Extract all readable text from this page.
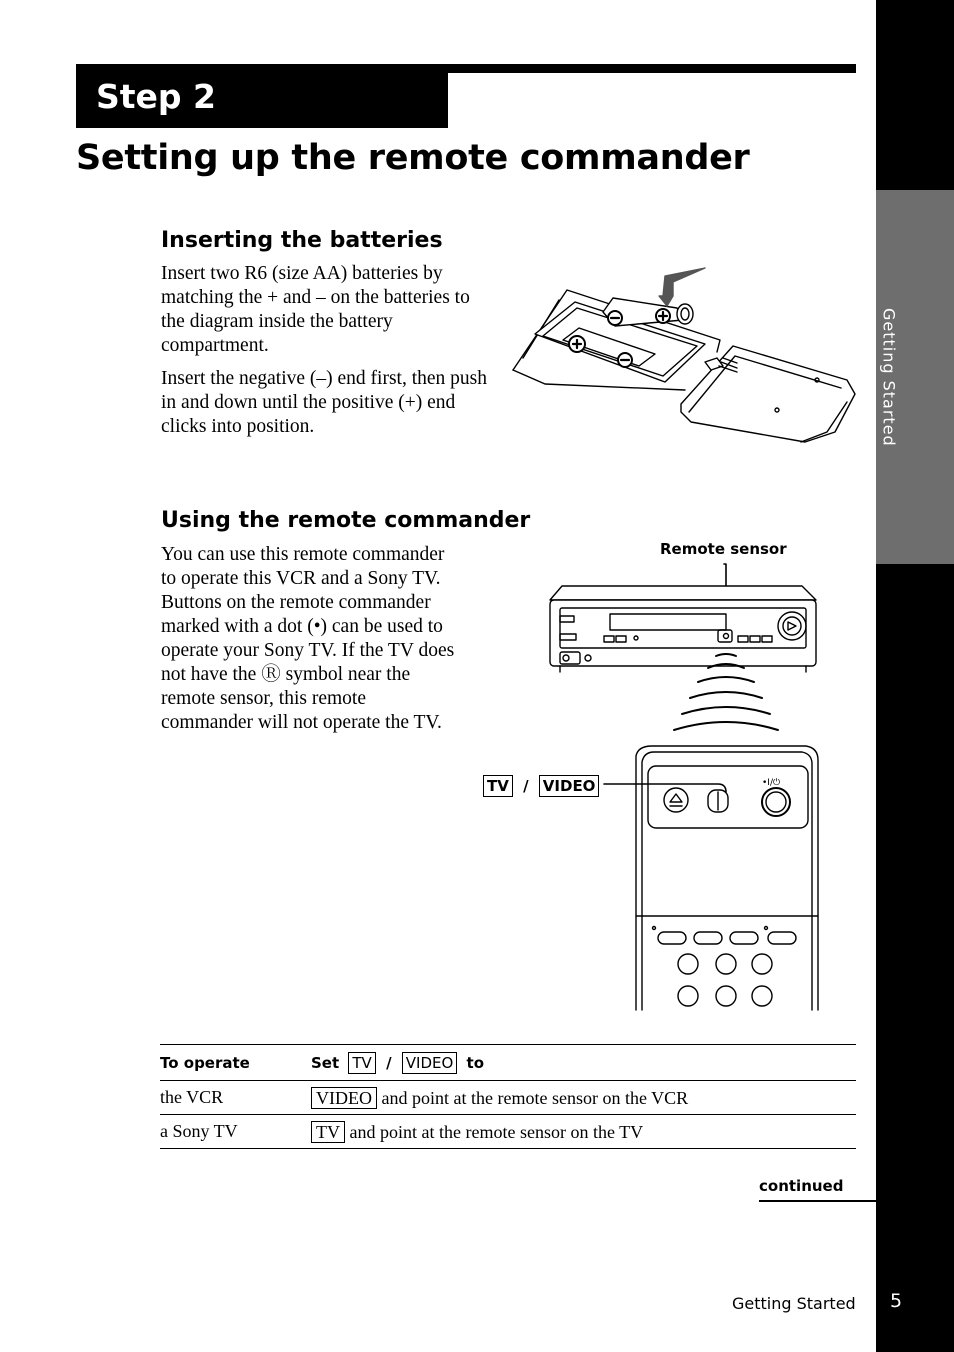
Getting Started
Step 2
Setting up the remote commander
Inserting the batteries

Insert two R6 (size AA) batteries by matching the + and – on the batteries to the diagram inside the battery compartment.

Insert the negative (–) end first, then push in and down until the positive (+) end clicks into position.

Using the remote commander

You can use this remote commander to operate this VCR and a Sony TV. Buttons on the remote commander marked with a dot (•) can be used to operate your Sony TV. If the TV does not have the Ⓡ symbol near the remote sensor, this remote commander will not operate the TV.

Remote sensor
TV / VIDEO	•I/⏻
To operate	Set TV / VIDEO to
the VCR	VIDEO and point at the remote sensor on the VCR
a Sony TV	TV and point at the remote sensor on the TV
continued
Getting Started	5
